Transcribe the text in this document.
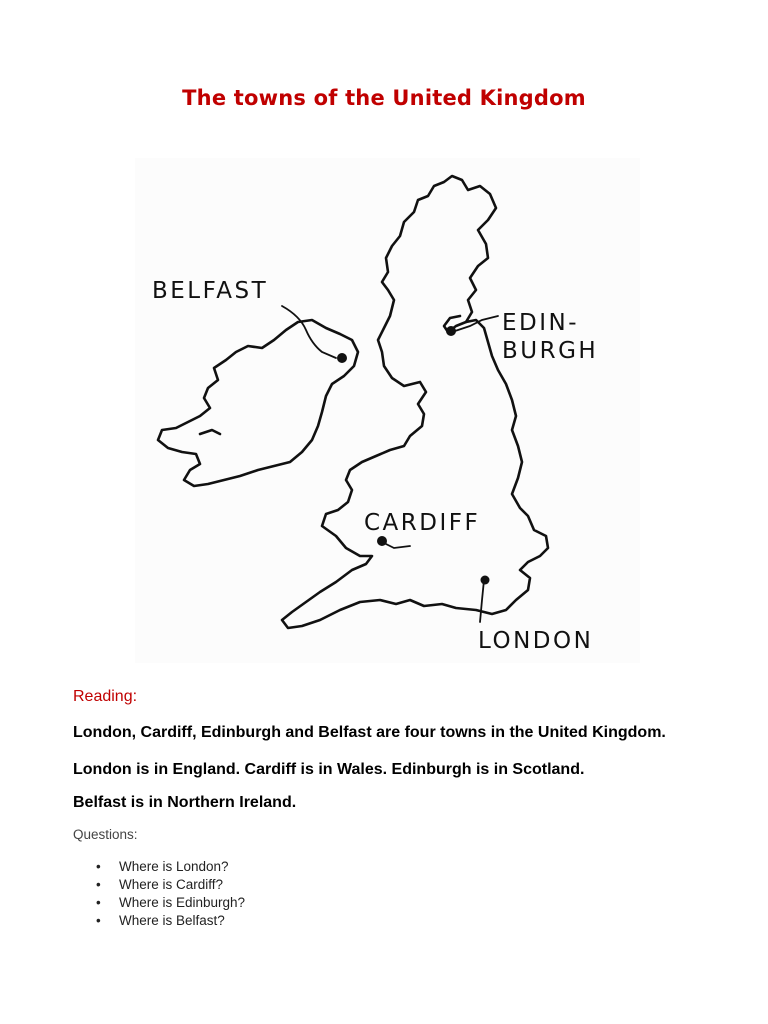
The towns of the United Kingdom
BELFAST
EDIN-
BURGH
CARDIFF
LONDON
Reading:

London, Cardiff, Edinburgh and Belfast are four towns in the United Kingdom.

London is in England. Cardiff is in Wales. Edinburgh is in Scotland.

Belfast is in Northern Ireland.

Questions:

• Where is London?
• Where is Cardiff?
• Where is Edinburgh?
• Where is Belfast?
